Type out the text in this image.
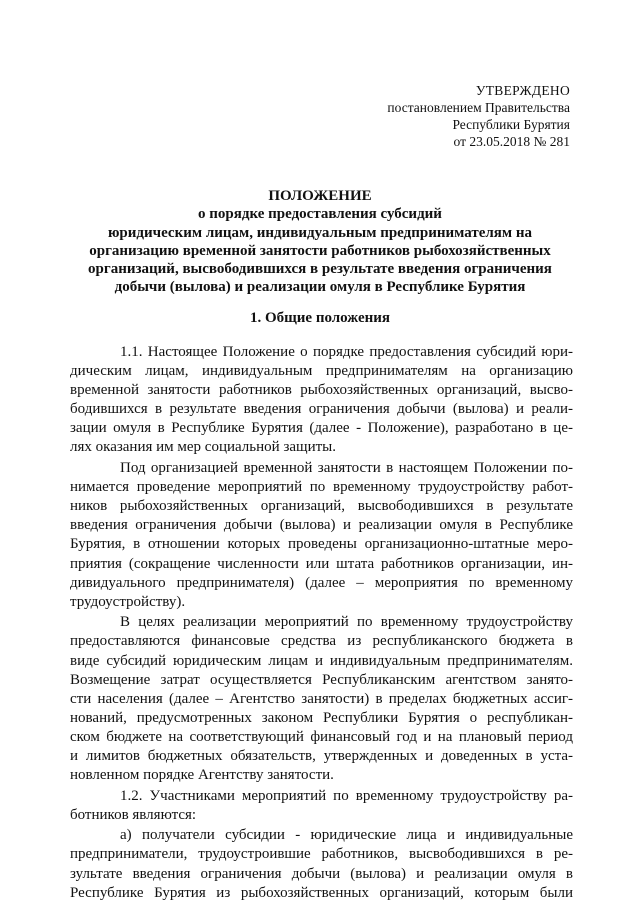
УТВЕРЖДЕНО
постановлением Правительства
Республики Бурятия
от 23.05.2018 № 281
ПОЛОЖЕНИЕ
о порядке предоставления субсидий
юридическим лицам, индивидуальным предпринимателям на
организацию временной занятости работников рыбохозяйственных
организаций, высвободившихся в результате введения ограничения
добычи (вылова) и реализации омуля в Республике Бурятия
1. Общие положения
1.1. Настоящее Положение о порядке предоставления субсидий юри-
дическим лицам, индивидуальным предпринимателям на организацию
временной занятости работников рыбохозяйственных организаций, высво-
бодившихся в результате введения ограничения добычи (вылова) и реали-
зации омуля в Республике Бурятия (далее - Положение), разработано в це-
лях оказания им мер социальной защиты.
Под организацией временной занятости в настоящем Положении по-
нимается проведение мероприятий по временному трудоустройству работ-
ников рыбохозяйственных организаций, высвободившихся в результате
введения ограничения добычи (вылова) и реализации омуля в Республике
Бурятия, в отношении которых проведены организационно-штатные меро-
приятия (сокращение численности или штата работников организации, ин-
дивидуального предпринимателя) (далее – мероприятия по временному
трудоустройству).
В целях реализации мероприятий по временному трудоустройству
предоставляются финансовые средства из республиканского бюджета в
виде субсидий юридическим лицам и индивидуальным предпринимателям.
Возмещение затрат осуществляется Республиканским агентством занято-
сти населения (далее – Агентство занятости) в пределах бюджетных ассиг-
нований, предусмотренных законом Республики Бурятия о республикан-
ском бюджете на соответствующий финансовый год и на плановый период
и лимитов бюджетных обязательств, утвержденных и доведенных в уста-
новленном порядке Агентству занятости.
1.2. Участниками мероприятий по временному трудоустройству ра-
ботников являются:
а) получатели субсидии - юридические лица и индивидуальные
предприниматели, трудоустроившие работников, высвободившихся в ре-
зультате введения ограничения добычи (вылова) и реализации омуля в
Республике Бурятия из рыбохозяйственных организаций, которым были
